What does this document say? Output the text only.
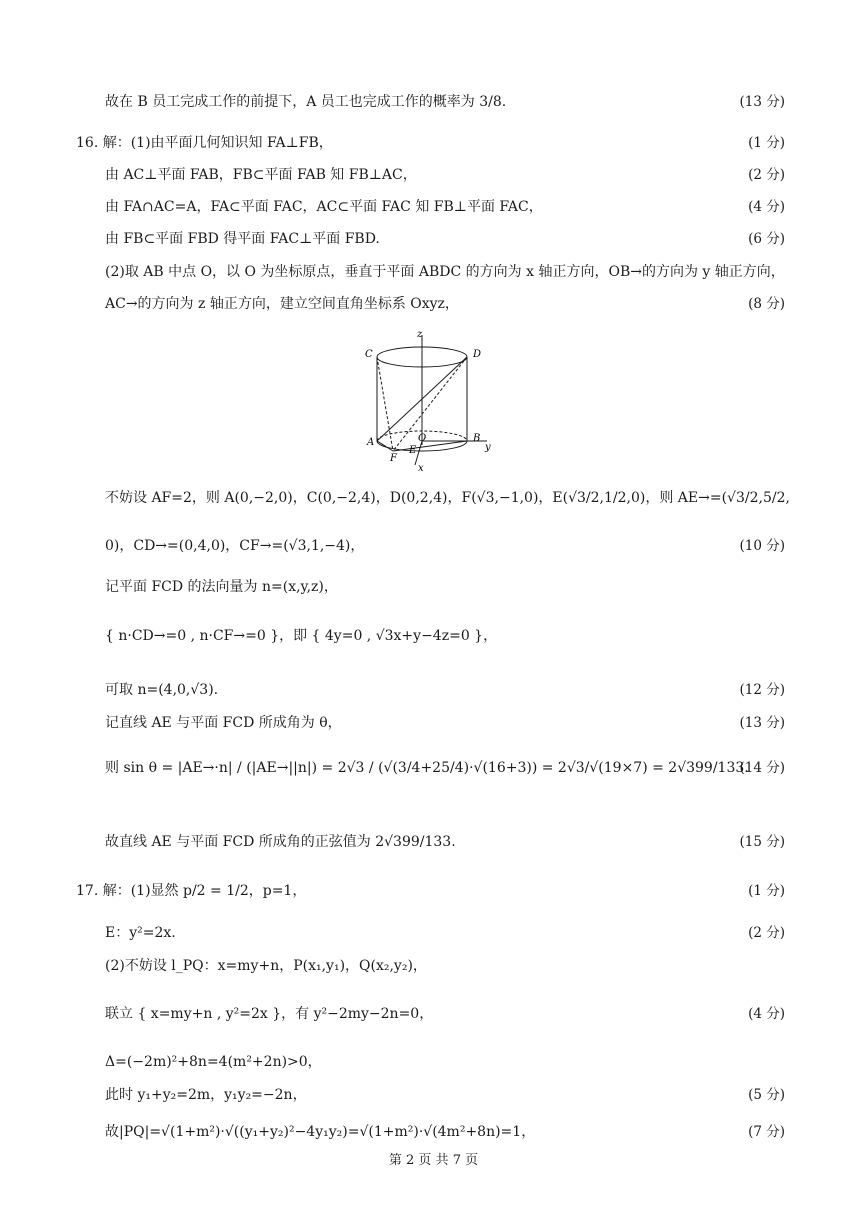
故在 B 员工完成工作的前提下，A 员工也完成工作的概率为 3/8.	(13 分)
16. 解：(1)由平面几何知识知 FA⊥FB，	(1 分)
由 AC⊥平面 FAB，FB⊂平面 FAB 知 FB⊥AC，	(2 分)
由 FA∩AC=A，FA⊂平面 FAC，AC⊂平面 FAC 知 FB⊥平面 FAC，	(4 分)
由 FB⊂平面 FBD 得平面 FAC⊥平面 FBD.	(6 分)
(2)取 AB 中点 O，以 O 为坐标原点，垂直于平面 ABDC 的方向为 x 轴正方向，OB→的方向为 y 轴正方向，
AC→的方向为 z 轴正方向，建立空间直角坐标系 Oxyz，	(8 分)
C	D
z
A	O	B
y
E
F
x
不妨设 AF=2，则 A(0,−2,0)，C(0,−2,4)，D(0,2,4)，F(√3,−1,0)，E(√3/2,1/2,0)，则 AE→=(√3/2,5/2,
0)，CD→=(0,4,0)，CF→=(√3,1,−4)，	(10 分)
记平面 FCD 的法向量为 n=(x,y,z)，
{ n·CD→=0 , n·CF→=0 }，即 { 4y=0 , √3x+y−4z=0 }，
可取 n=(4,0,√3).	(12 分)
记直线 AE 与平面 FCD 所成角为 θ，	(13 分)
则 sin θ = |AE→·n| / (|AE→||n|) = 2√3 / (√(3/4+25/4)·√(16+3)) = 2√3/√(19×7) = 2√399/133.
(14 分)
故直线 AE 与平面 FCD 所成角的正弦值为 2√399/133.	(15 分)
17. 解：(1)显然 p/2 = 1/2，p=1，	(1 分)
E：y²=2x.	(2 分)
(2)不妨设 l_PQ：x=my+n，P(x₁,y₁)，Q(x₂,y₂)，
联立 { x=my+n , y²=2x }，有 y²−2my−2n=0，	(4 分)
Δ=(−2m)²+8n=4(m²+2n)>0，
此时 y₁+y₂=2m，y₁y₂=−2n，	(5 分)
故|PQ|=√(1+m²)·√((y₁+y₂)²−4y₁y₂)=√(1+m²)·√(4m²+8n)=1，	(7 分)
第 2 页 共 7 页
